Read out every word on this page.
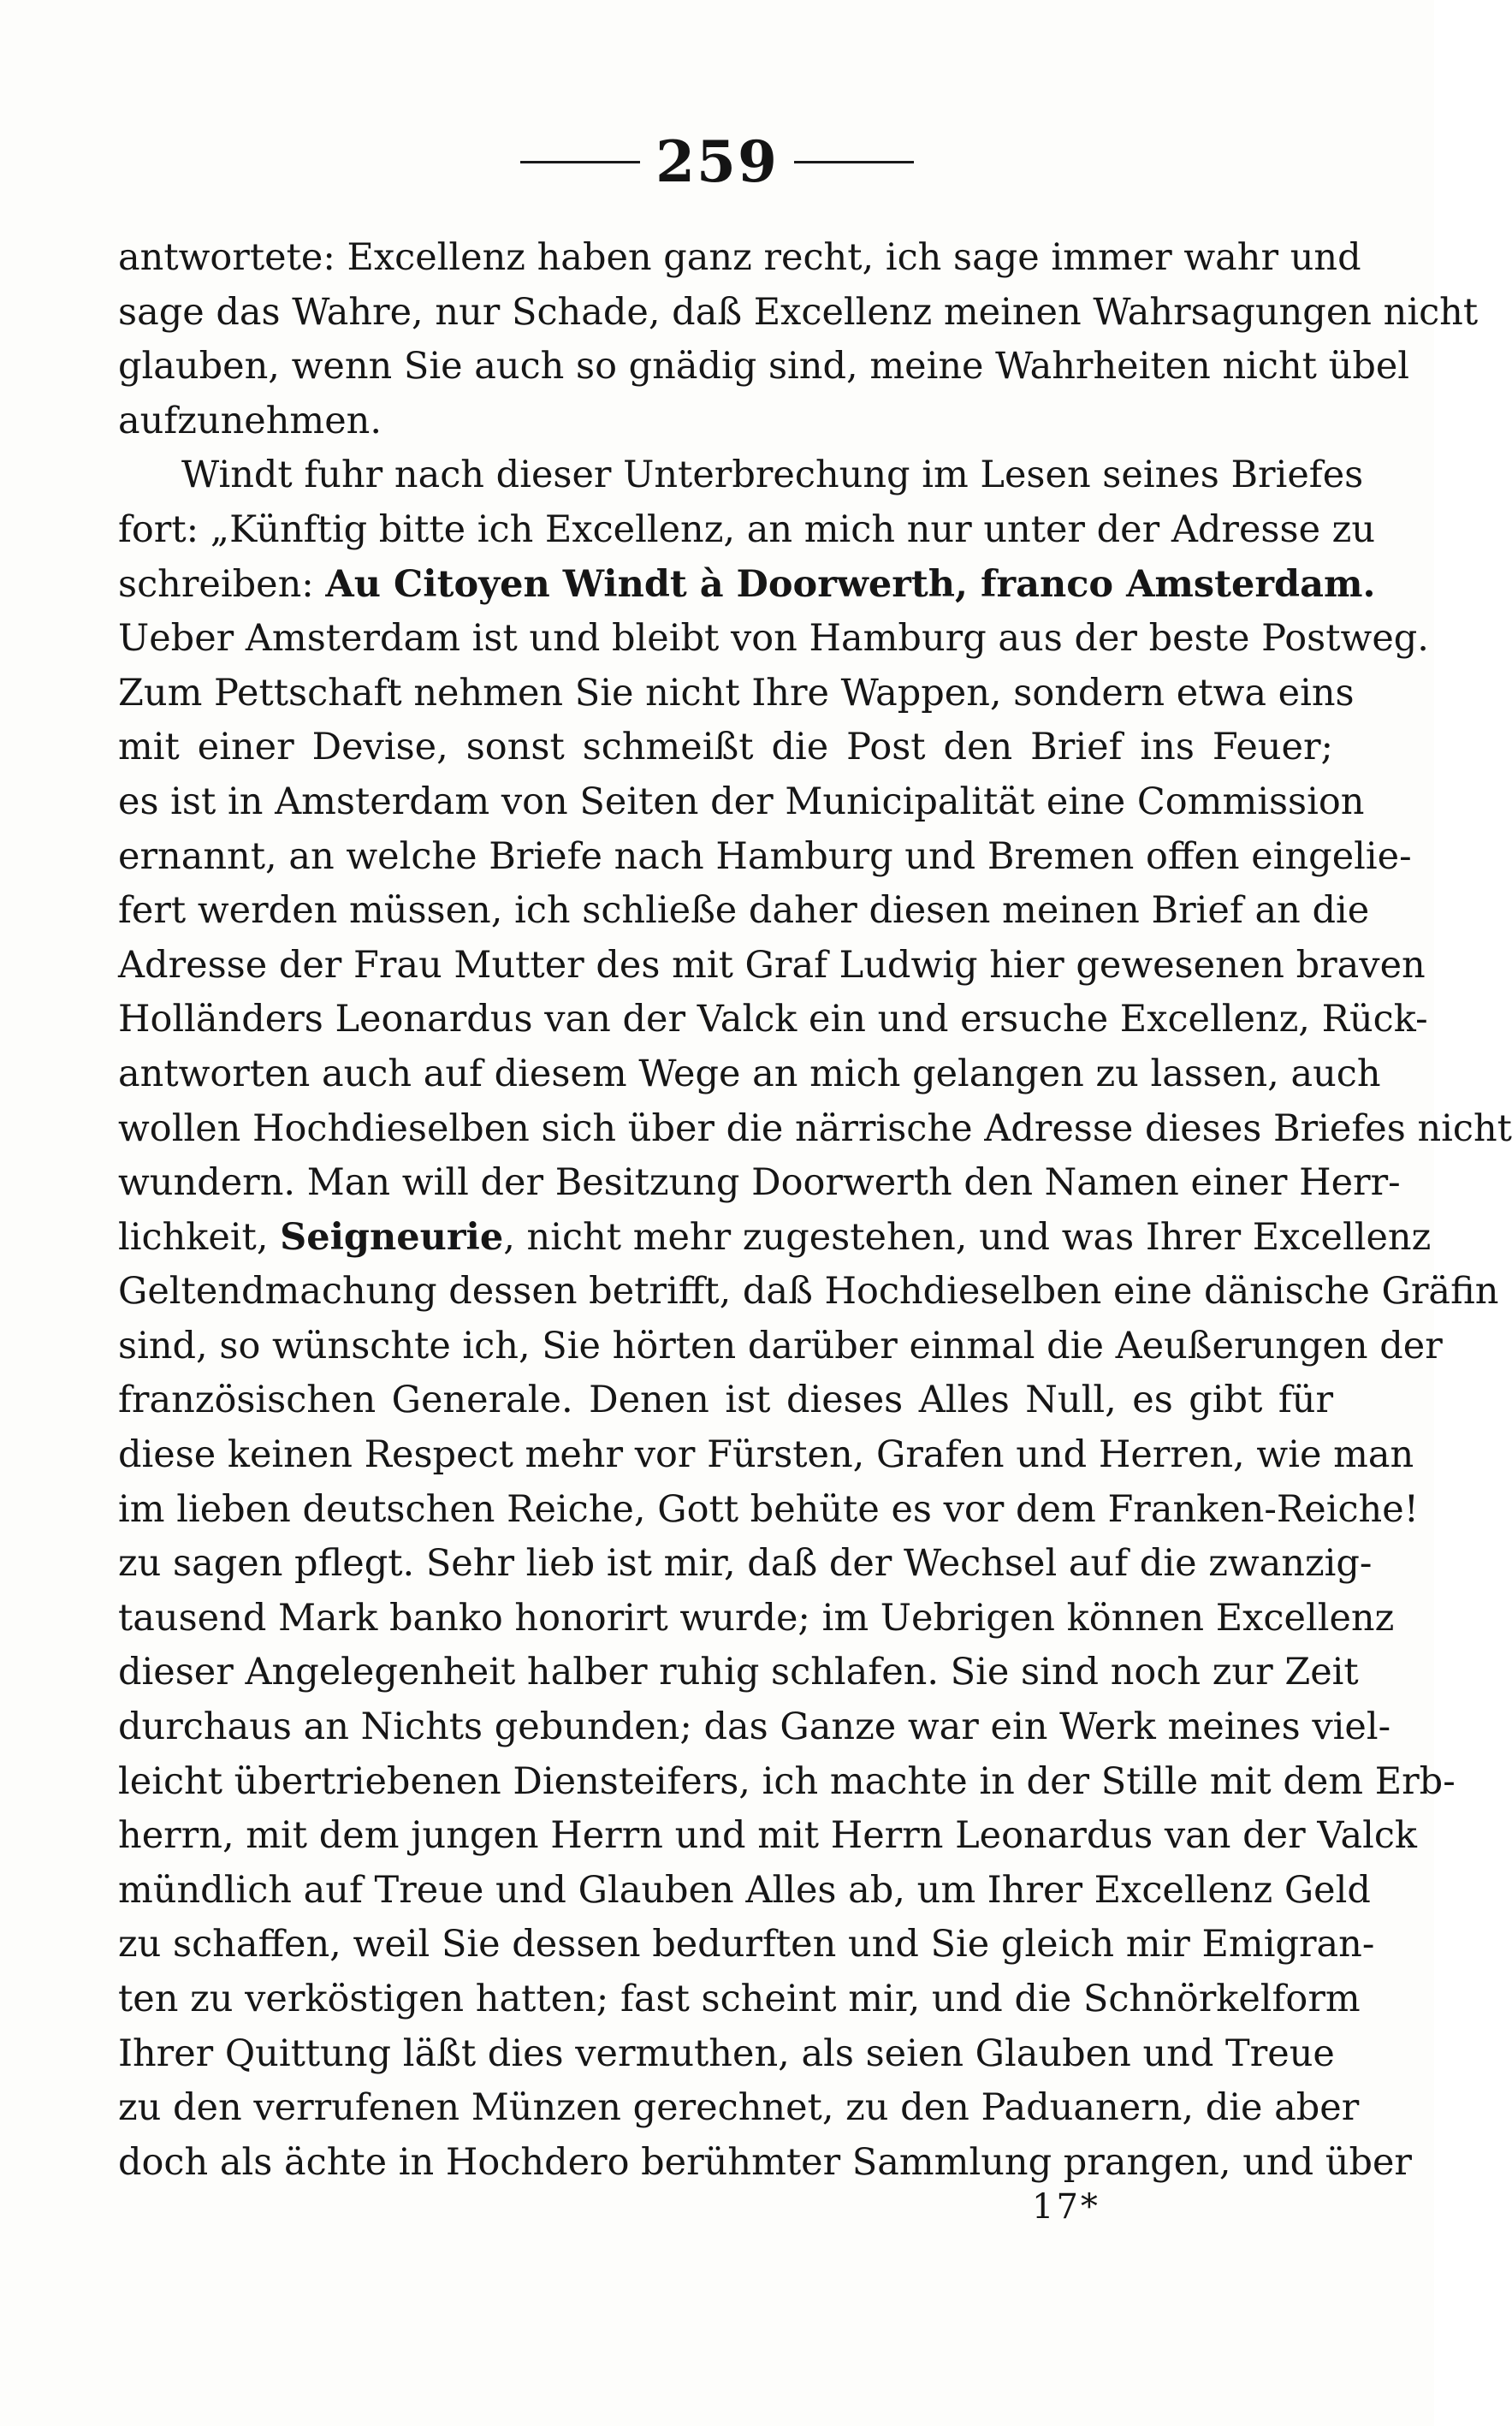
259
antwortete: Excellenz haben ganz recht, ich sage immer wahr und
sage das Wahre, nur Schade, daß Excellenz meinen Wahrsagungen nicht
glauben, wenn Sie auch so gnädig sind, meine Wahrheiten nicht übel
aufzunehmen.
Windt fuhr nach dieser Unterbrechung im Lesen seines Briefes
fort: „Künftig bitte ich Excellenz, an mich nur unter der Adresse zu
schreiben: Au Citoyen Windt à Doorwerth, franco Amsterdam.
Ueber Amsterdam ist und bleibt von Hamburg aus der beste Postweg.
Zum Pettschaft nehmen Sie nicht Ihre Wappen, sondern etwa eins
mit einer Devise, sonst schmeißt die Post den Brief ins Feuer;
es ist in Amsterdam von Seiten der Municipalität eine Commission
ernannt, an welche Briefe nach Hamburg und Bremen offen eingelie-
fert werden müssen, ich schließe daher diesen meinen Brief an die
Adresse der Frau Mutter des mit Graf Ludwig hier gewesenen braven
Holländers Leonardus van der Valck ein und ersuche Excellenz, Rück-
antworten auch auf diesem Wege an mich gelangen zu lassen, auch
wollen Hochdieselben sich über die närrische Adresse dieses Briefes nicht
wundern. Man will der Besitzung Doorwerth den Namen einer Herr-
lichkeit, Seigneurie, nicht mehr zugestehen, und was Ihrer Excellenz
Geltendmachung dessen betrifft, daß Hochdieselben eine dänische Gräfin
sind, so wünschte ich, Sie hörten darüber einmal die Aeußerungen der
französischen Generale. Denen ist dieses Alles Null, es gibt für
diese keinen Respect mehr vor Fürsten, Grafen und Herren, wie man
im lieben deutschen Reiche, Gott behüte es vor dem Franken-Reiche!
zu sagen pflegt. Sehr lieb ist mir, daß der Wechsel auf die zwanzig-
tausend Mark banko honorirt wurde; im Uebrigen können Excellenz
dieser Angelegenheit halber ruhig schlafen. Sie sind noch zur Zeit
durchaus an Nichts gebunden; das Ganze war ein Werk meines viel-
leicht übertriebenen Diensteifers, ich machte in der Stille mit dem Erb-
herrn, mit dem jungen Herrn und mit Herrn Leonardus van der Valck
mündlich auf Treue und Glauben Alles ab, um Ihrer Excellenz Geld
zu schaffen, weil Sie dessen bedurften und Sie gleich mir Emigran-
ten zu verköstigen hatten; fast scheint mir, und die Schnörkelform
Ihrer Quittung läßt dies vermuthen, als seien Glauben und Treue
zu den verrufenen Münzen gerechnet, zu den Paduanern, die aber
doch als ächte in Hochdero berühmter Sammlung prangen, und über
17*
